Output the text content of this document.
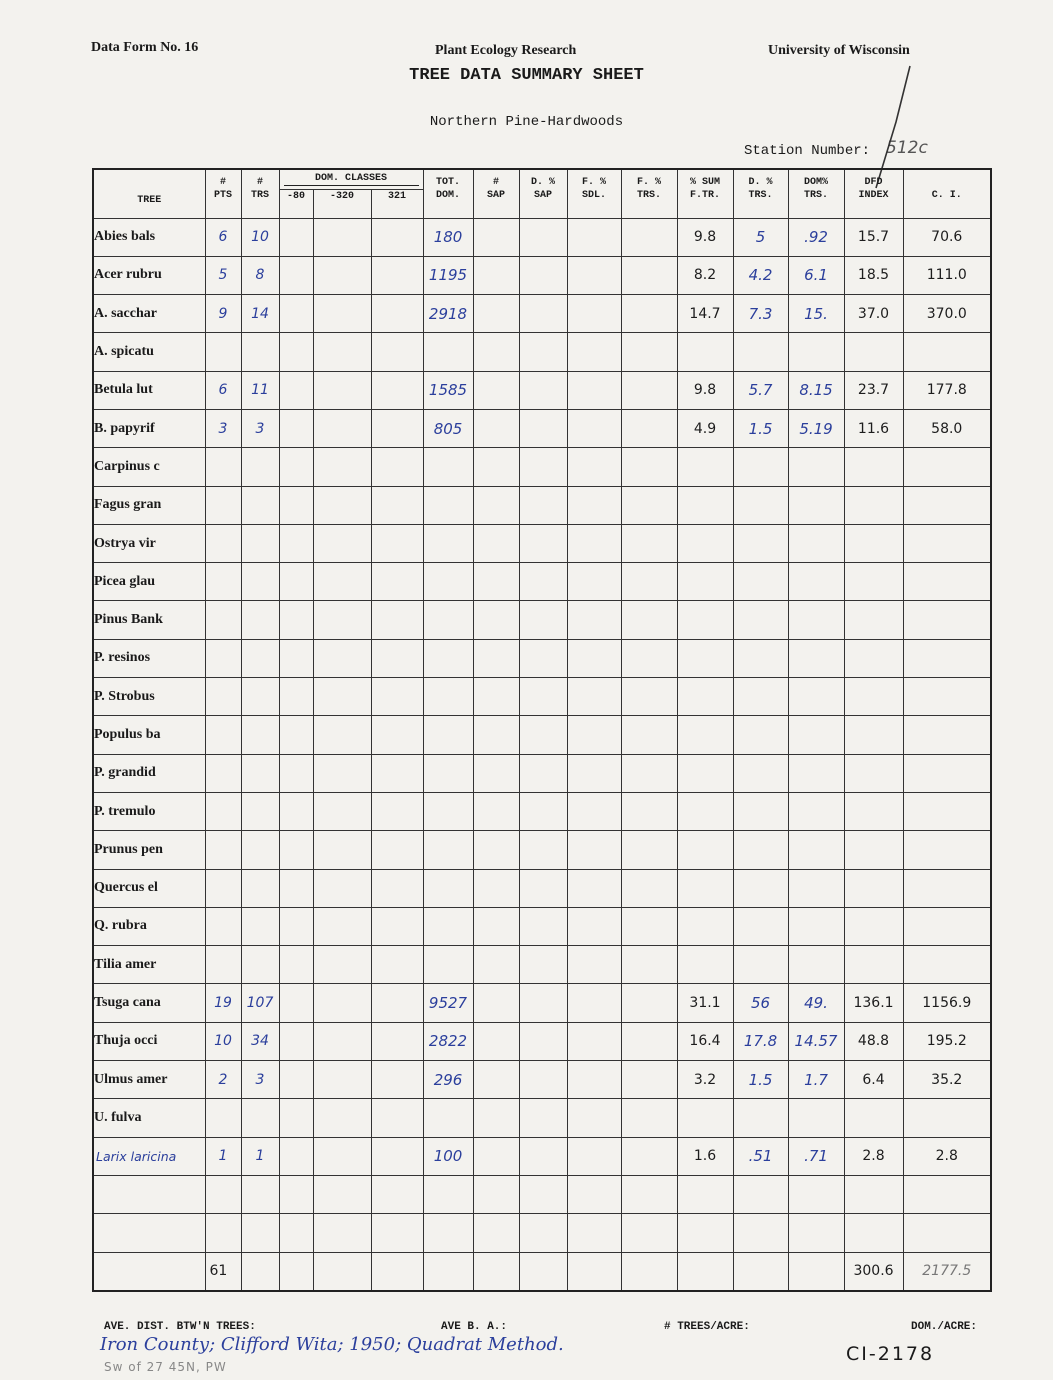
Data Form No. 16	Plant Ecology Research	University of Wisconsin
TREE DATA SUMMARY SHEET
Northern Pine-Hardwoods
Station Number: 512c
TREE	#	#	DOM. CLASSES			TOT.	#	D. %	F. %	F. %	% SUM	D. %	DOM%	DFD	
	PTS	TRS	-80	-320	321	DOM.	SAP	SAP	SDL.	TRS.	F.TR.	TRS.	TRS.	INDEX	C. I.
Abies bals	6	10				180					9.8	5	.92	15.7	70.6
Acer rubru	5	8				1195					8.2	4.2	6.1	18.5	111.0
A. sacchar	9	14				2918					14.7	7.3	15.	37.0	370.0
A. spicatu															
Betula lut	6	11				1585					9.8	5.7	8.15	23.7	177.8
B. papyrif	3	3				805					4.9	1.5	5.19	11.6	58.0
Carpinus c															
Fagus gran															
Ostrya vir															
Picea glau															
Pinus Bank															
P. resinos															
P. Strobus															
Populus ba															
P. grandid															
P. tremulo															
Prunus pen															
Quercus el															
Q. rubra															
Tilia amer															
Tsuga cana	19	107				9527					31.1	56	49.	136.1	1156.9
Thuja occi	10	34				2822					16.4	17.8	14.57	48.8	195.2
Ulmus amer	2	3				296					3.2	1.5	1.7	6.4	35.2
U. fulva															
Larix laricina	1	1				100					1.6	.51	.71	2.8	2.8

	61													300.6	2177.5
AVE. DIST. BTW'N TREES:	AVE B. A.:	# TREES/ACRE:	DOM./ACRE:
Iron County; Clifford Wita; 1950; Quadrat Method.
Sw of 27 45N, PW
CI-2178
